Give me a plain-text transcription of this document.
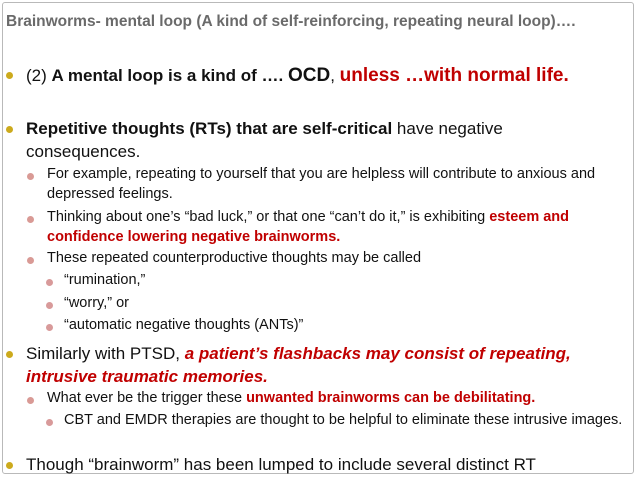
Brainworms- mental loop (A kind of self-reinforcing, repeating neural loop)….
(2) A mental loop is a kind of …. OCD, unless …with normal life.
Repetitive thoughts (RTs) that are self-critical have negative consequences.
For example, repeating to yourself that you are helpless will contribute to anxious and depressed feelings.
Thinking about one’s “bad luck,” or that one “can’t do it,” is exhibiting esteem and confidence lowering negative brainworms.
These repeated counterproductive thoughts may be called
“rumination,”
“worry,” or
“automatic negative thoughts (ANTs)”
Similarly with PTSD, a patient’s flashbacks may consist of repeating, intrusive traumatic memories.
What ever be the trigger these unwanted brainworms can be debilitating.
CBT and EMDR therapies are thought to be helpful to eliminate these intrusive images.
Though “brainworm” has been lumped to include several distinct RT
